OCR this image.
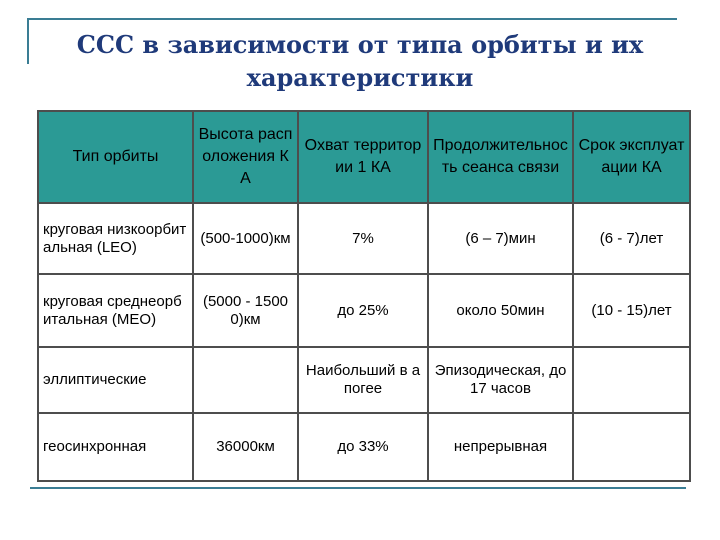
ССС в зависимости от типа орбиты и их
характеристики
Тип орбиты	Высота расположения КА	Охват территории 1 КА	Продолжительность сеанса связи	Срок эксплуатации КА
круговая низкоорбитальная (LEO)	(500-1000)км	7%	(6 – 7)мин	(6 - 7)лет
круговая среднеорбитальная (MEO)	(5000 - 15000)км	до 25%	около 50мин	(10 - 15)лет
эллиптические		Наибольший в апогее	Эпизодическая, до 17 часов	
геосинхронная	36000км	до 33%	непрерывная	
